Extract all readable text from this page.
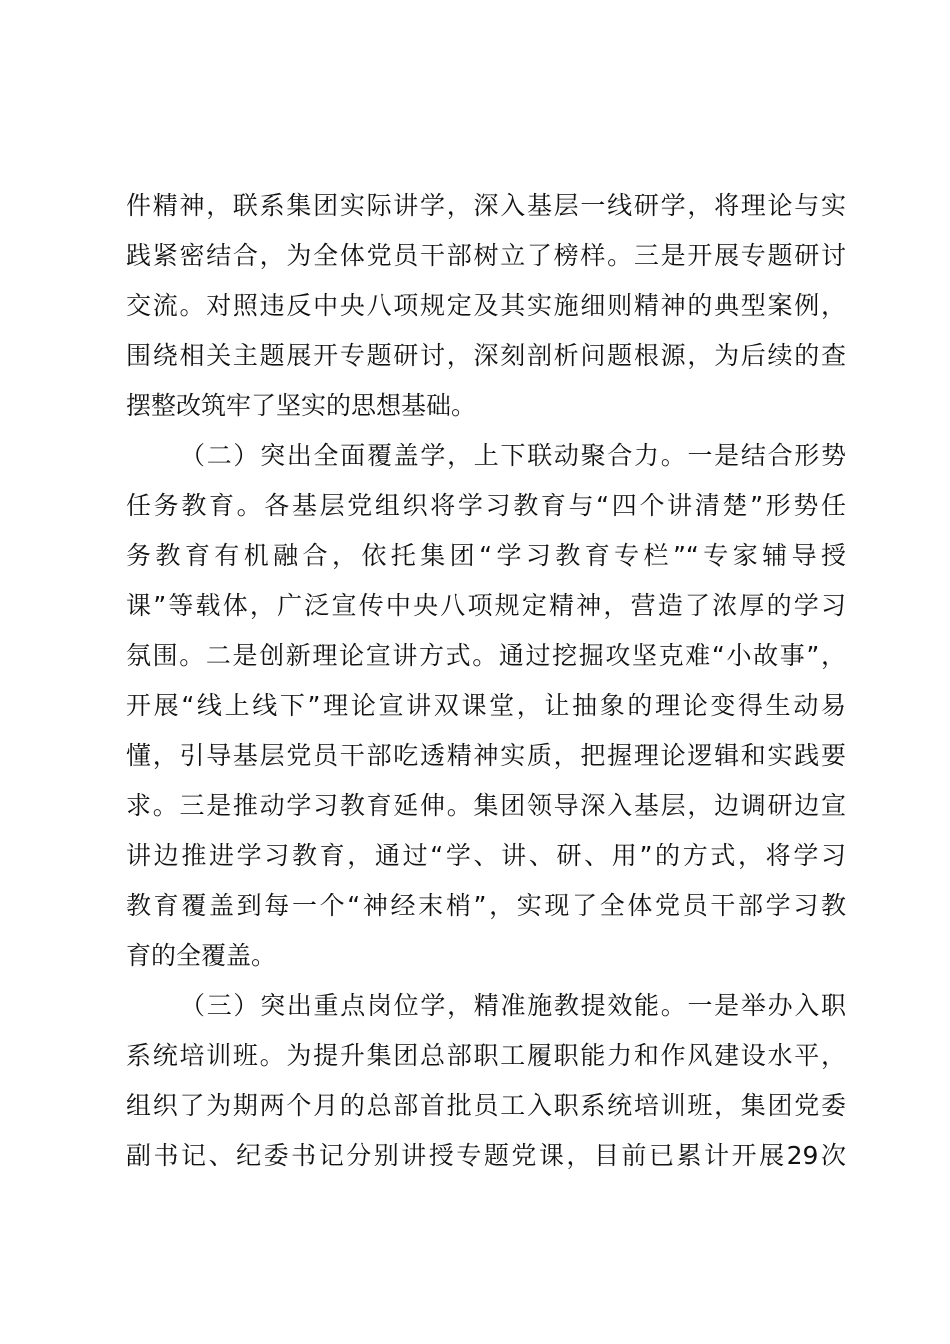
件精神，联系集团实际讲学，深入基层一线研学，将理论与实
践紧密结合，为全体党员干部树立了榜样。三是开展专题研讨
交流。对照违反中央八项规定及其实施细则精神的典型案例，
围绕相关主题展开专题研讨，深刻剖析问题根源，为后续的查
摆整改筑牢了坚实的思想基础。
（二）突出全面覆盖学，上下联动聚合力。一是结合形势
任务教育。各基层党组织将学习教育与“四个讲清楚”形势任
务教育有机融合，依托集团“学习教育专栏”“专家辅导授
课”等载体，广泛宣传中央八项规定精神，营造了浓厚的学习
氛围。二是创新理论宣讲方式。通过挖掘攻坚克难“小故事”，
开展“线上线下”理论宣讲双课堂，让抽象的理论变得生动易
懂，引导基层党员干部吃透精神实质，把握理论逻辑和实践要
求。三是推动学习教育延伸。集团领导深入基层，边调研边宣
讲边推进学习教育，通过“学、讲、研、用”的方式，将学习
教育覆盖到每一个“神经末梢”，实现了全体党员干部学习教
育的全覆盖。
（三）突出重点岗位学，精准施教提效能。一是举办入职
系统培训班。为提升集团总部职工履职能力和作风建设水平，
组织了为期两个月的总部首批员工入职系统培训班，集团党委
副书记、纪委书记分别讲授专题党课，目前已累计开展29次
